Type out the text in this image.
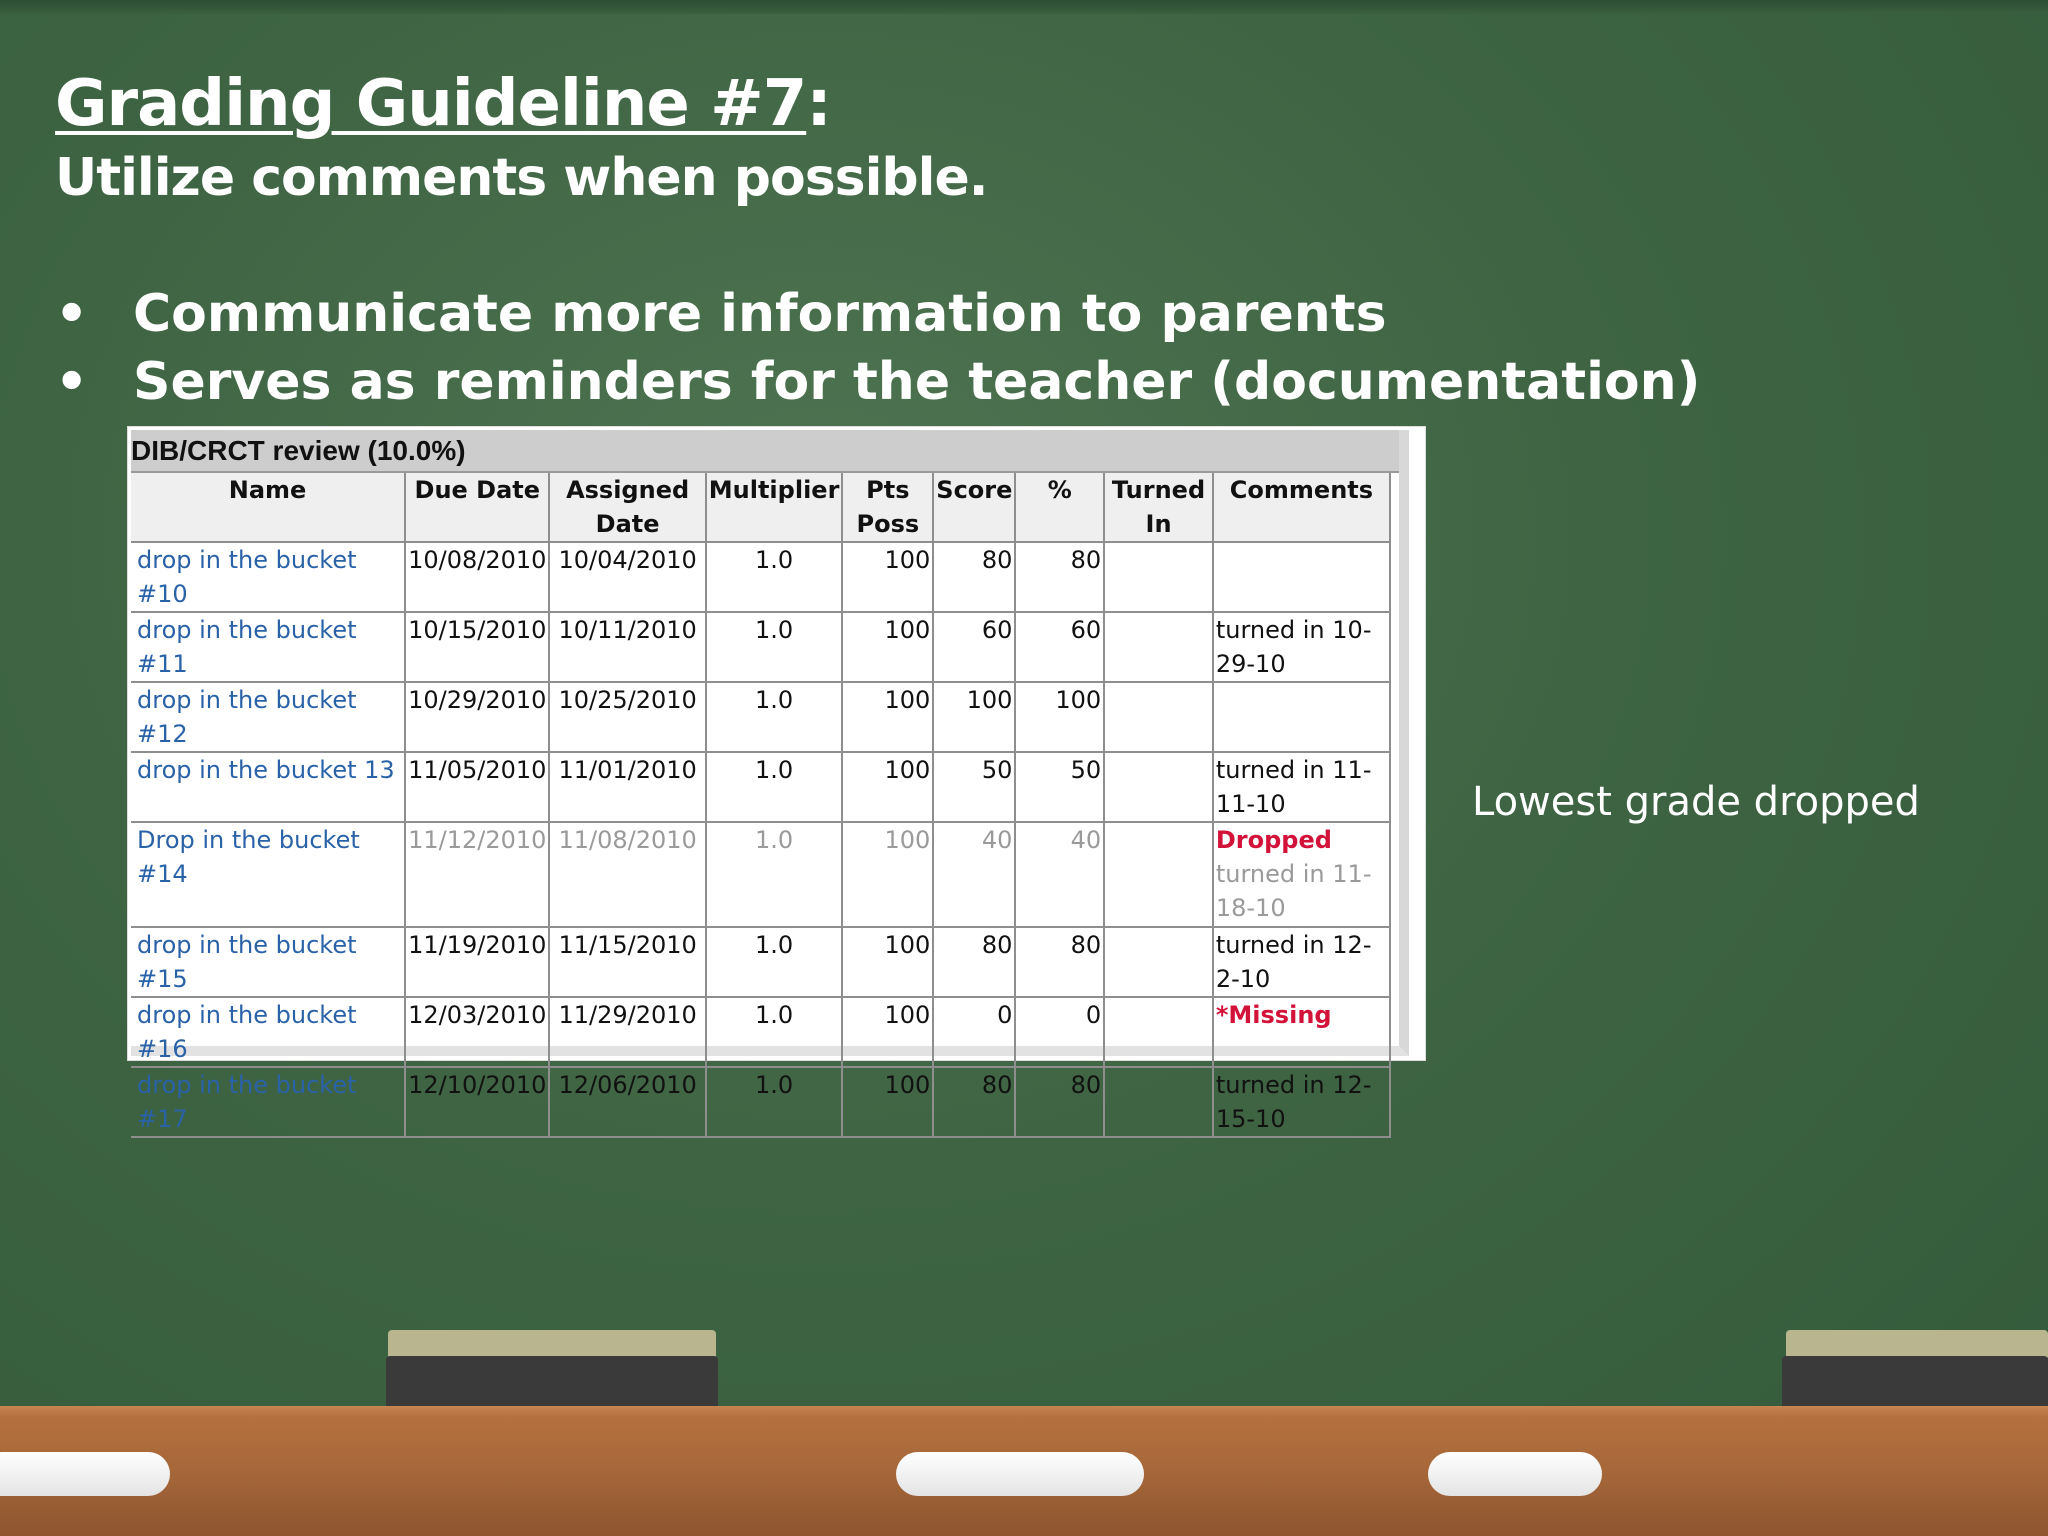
Grading Guideline #7:
Utilize comments when possible.
• Communicate more information to parents
• Serves as reminders for the teacher (documentation)
DIB/CRCT review (10.0%)
Name	Due Date	Assigned Date	Multiplier	Pts Poss	Score	%	Turned In	Comments
drop in the bucket #10	10/08/2010	10/04/2010	1.0	100	80	80		
drop in the bucket #11	10/15/2010	10/11/2010	1.0	100	60	60		turned in 10-29-10
drop in the bucket #12	10/29/2010	10/25/2010	1.0	100	100	100		
drop in the bucket 13	11/05/2010	11/01/2010	1.0	100	50	50		turned in 11-11-10
Drop in the bucket #14	11/12/2010	11/08/2010	1.0	100	40	40		Dropped
turned in 11-18-10

drop in the bucket #15	11/19/2010	11/15/2010	1.0	100	80	80		turned in 12-2-10
drop in the bucket #16	12/03/2010	11/29/2010	1.0	100	0	0		*Missing
drop in the bucket #17	12/10/2010	12/06/2010	1.0	100	80	80		turned in 12-15-10
Lowest grade dropped
